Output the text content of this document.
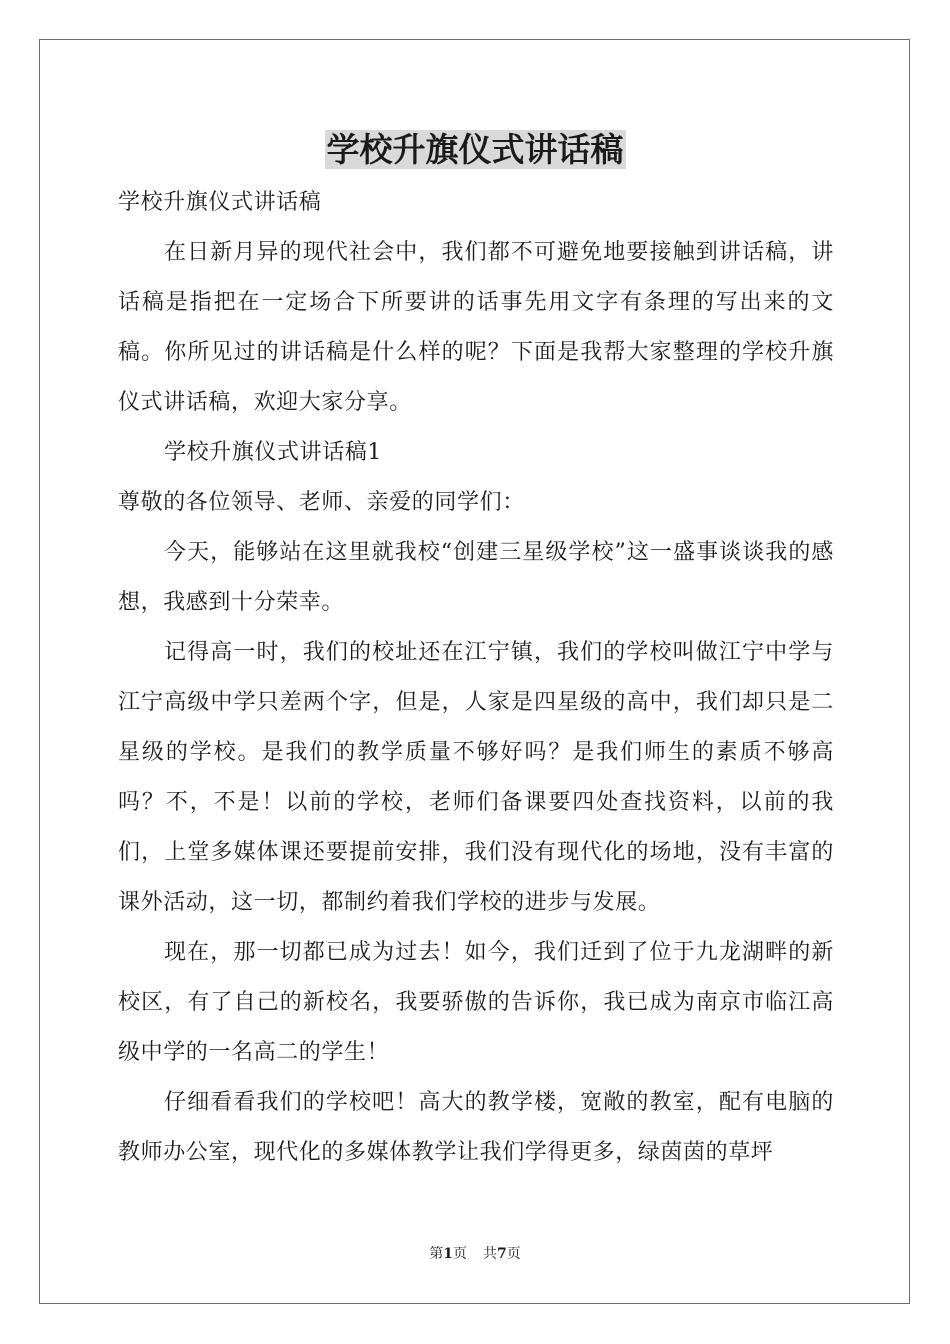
学校升旗仪式讲话稿

学校升旗仪式讲话稿

在日新月异的现代社会中，我们都不可避免地要接触到讲话稿，讲话稿是指把在一定场合下所要讲的话事先用文字有条理的写出来的文稿。你所见过的讲话稿是什么样的呢？下面是我帮大家整理的学校升旗仪式讲话稿，欢迎大家分享。

学校升旗仪式讲话稿1

尊敬的各位领导、老师、亲爱的同学们：

今天，能够站在这里就我校“创建三星级学校”这一盛事谈谈我的感想，我感到十分荣幸。

记得高一时，我们的校址还在江宁镇，我们的学校叫做江宁中学与江宁高级中学只差两个字，但是，人家是四星级的高中，我们却只是二星级的学校。是我们的教学质量不够好吗？是我们师生的素质不够高吗？不，不是！以前的学校，老师们备课要四处查找资料，以前的我们，上堂多媒体课还要提前安排，我们没有现代化的场地，没有丰富的课外活动，这一切，都制约着我们学校的进步与发展。

现在，那一切都已成为过去！如今，我们迁到了位于九龙湖畔的新校区，有了自己的新校名，我要骄傲的告诉你，我已成为南京市临江高级中学的一名高二的学生！

仔细看看我们的学校吧！高大的教学楼，宽敞的教室，配有电脑的教师办公室，现代化的多媒体教学让我们学得更多，绿茵茵的草坪

第1页 共7页
